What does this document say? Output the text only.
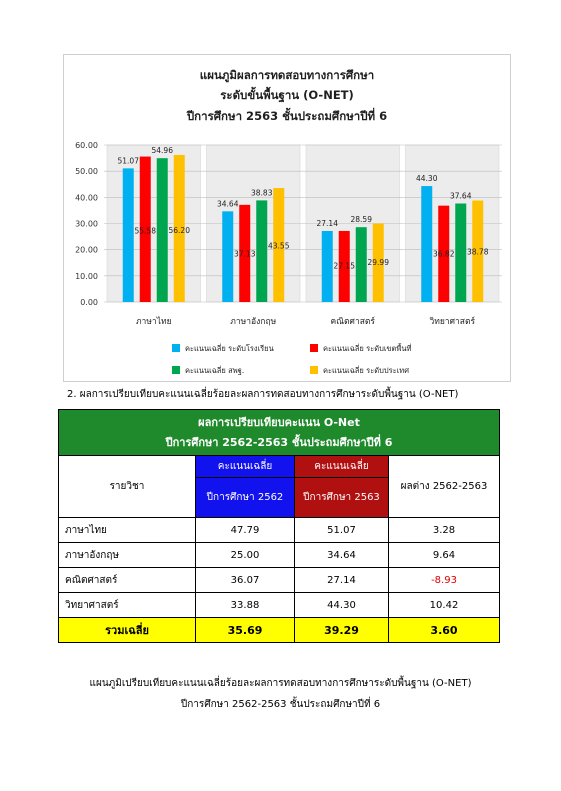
แผนภูมิผลการทดสอบทางการศึกษา
ระดับขั้นพื้นฐาน (O-NET)
ปีการศึกษา 2563 ชั้นประถมศึกษาปีที่ 6
0.00
10.00
20.00
30.00
40.00
50.00
60.00
51.07
55.58
54.96
56.20
ภาษาไทย
34.64
37.13
38.83
43.55
ภาษาอังกฤษ
27.14
27.15
28.59
29.99
คณิตศาสตร์
44.30
36.82
37.64
38.78
วิทยาศาสตร์
คะแนนเฉลี่ย ระดับโรงเรียน	คะแนนเฉลี่ย ระดับเขตพื้นที่
คะแนนเฉลี่ย สพฐ.	คะแนนเฉลี่ย ระดับประเทศ
2. ผลการเปรียบเทียบคะแนนเฉลี่ยร้อยละผลการทดสอบทางการศึกษาระดับพื้นฐาน (O-NET)
ผลการเปรียบเทียบคะแนน O-Net
ปีการศึกษา 2562-2563 ชั้นประถมศึกษาปีที่ 6			

รายวิชา	คะแนนเฉลี่ย	คะแนนเฉลี่ย	ผลต่าง 2562-2563
	ปีการศึกษา 2562	ปีการศึกษา 2563	
ภาษาไทย	47.79	51.07	3.28
ภาษาอังกฤษ	25.00	34.64	9.64
คณิตศาสตร์	36.07	27.14	-8.93
วิทยาศาสตร์	33.88	44.30	10.42
รวมเฉลี่ย	35.69	39.29	3.60
แผนภูมิเปรียบเทียบคะแนนเฉลี่ยร้อยละผลการทดสอบทางการศึกษาระดับพื้นฐาน (O-NET)
ปีการศึกษา 2562-2563 ชั้นประถมศึกษาปีที่ 6
